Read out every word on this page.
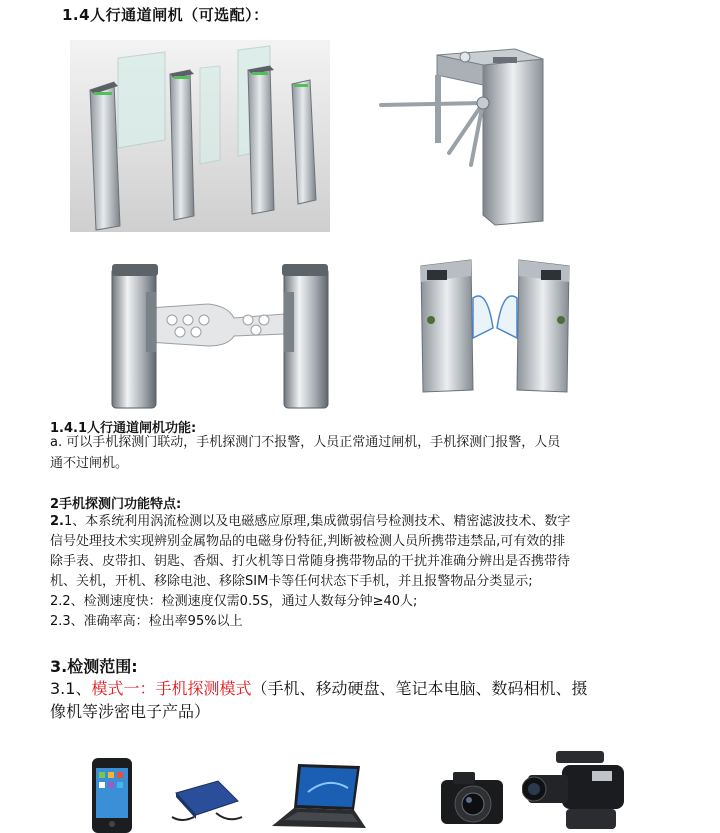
1.4人行通道闸机（可选配）：
1.4.1人行通道闸机功能:
a. 可以手机探测门联动，手机探测门不报警，人员正常通过闸机，手机探测门报警，人员
通不过闸机。
2手机探测门功能特点:
2.1、本系统利用涡流检测以及电磁感应原理,集成微弱信号检测技术、精密滤波技术、数字
信号处理技术实现辨别金属物品的电磁身份特征,判断被检测人员所携带违禁品,可有效的排
除手表、皮带扣、钥匙、香烟、打火机等日常随身携带物品的干扰并准确分辨出是否携带待
机、关机，开机、移除电池、移除SIM卡等任何状态下手机，并且报警物品分类显示;
2.2、检测速度快：检测速度仅需0.5S，通过人数每分钟≥40人;
2.3、准确率高：检出率95%以上
3.检测范围:
3.1、模式一：手机探测模式（手机、移动硬盘、笔记本电脑、数码相机、摄
像机等涉密电子产品）
